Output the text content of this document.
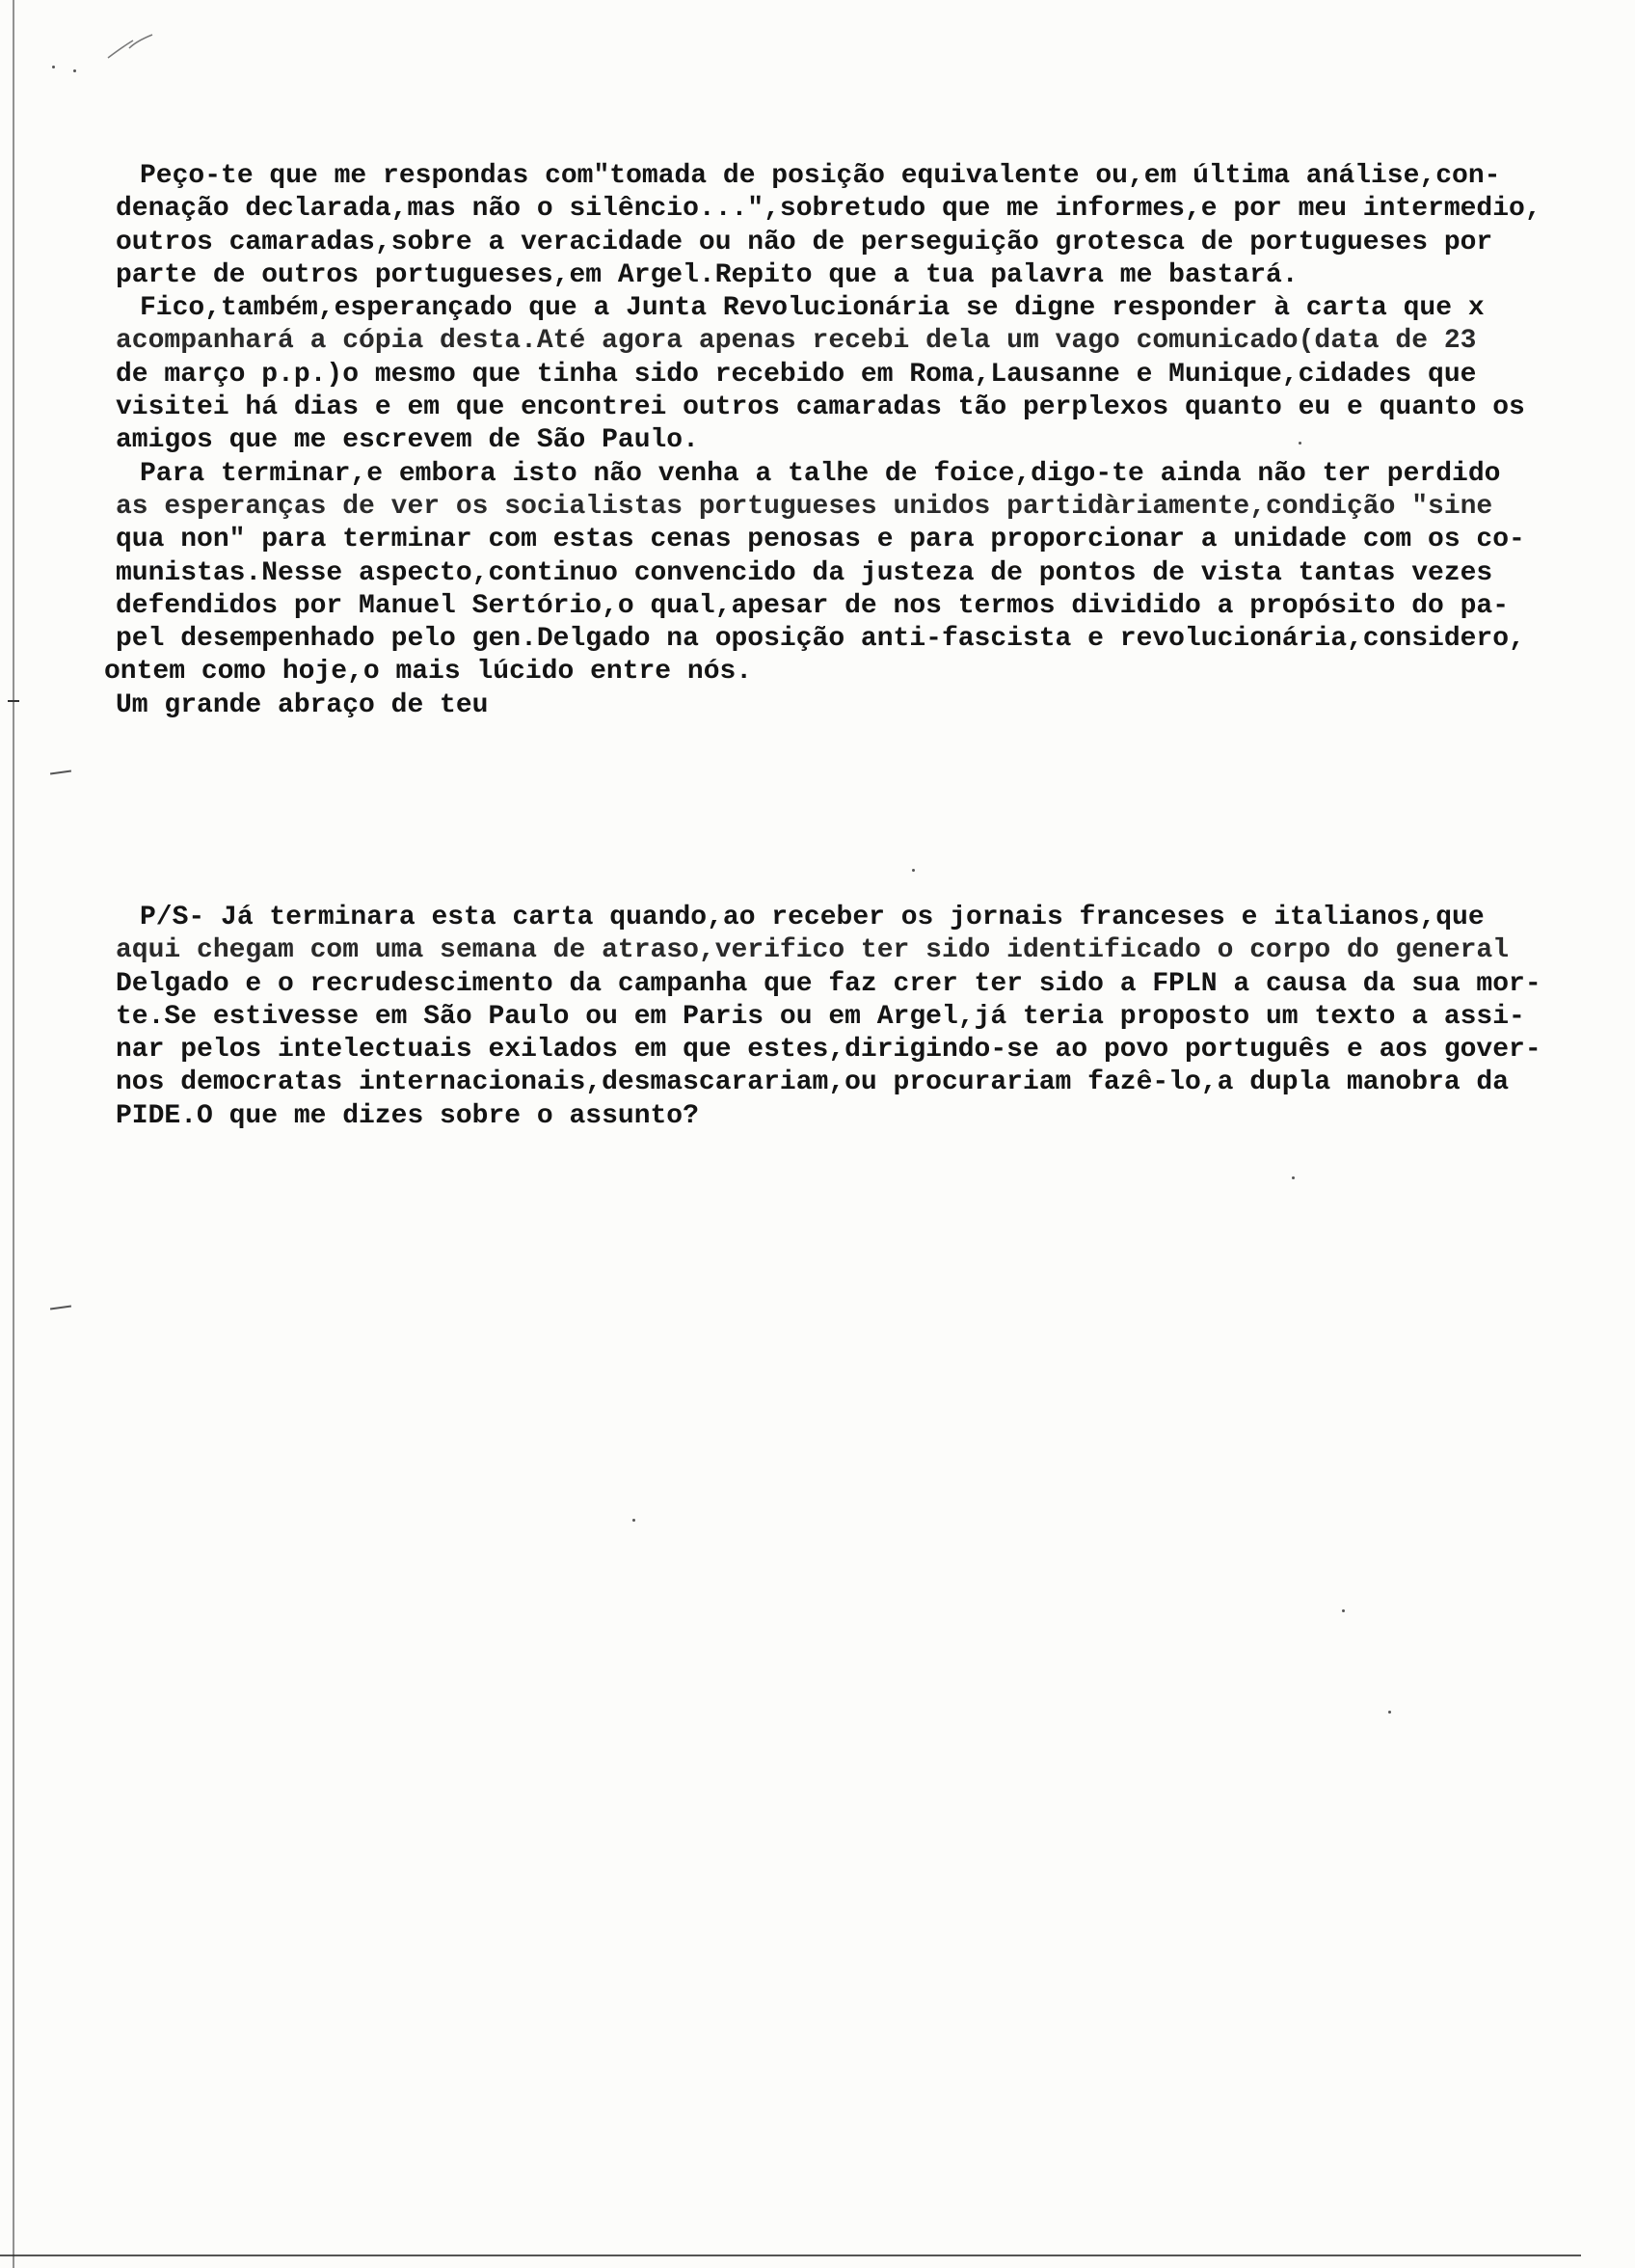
Peço-te que me respondas com"tomada de posição equivalente ou,em última análise,con-
denação declarada,mas não o silêncio...",sobretudo que me informes,e por meu intermedio,
outros camaradas,sobre a veracidade ou não de perseguição grotesca de portugueses por
parte de outros portugueses,em Argel.Repito que a tua palavra me bastará.
Fico,também,esperançado que a Junta Revolucionária se digne responder à carta que x
acompanhará a cópia desta.Até agora apenas recebi dela um vago comunicado(data de 23
de março p.p.)o mesmo que tinha sido recebido em Roma,Lausanne e Munique,cidades que
visitei há dias e em que encontrei outros camaradas tão perplexos quanto eu e quanto os
amigos que me escrevem de São Paulo.
Para terminar,e embora isto não venha a talhe de foice,digo-te ainda não ter perdido
as esperanças de ver os socialistas portugueses unidos partidàriamente,condição "sine
qua non" para terminar com estas cenas penosas e para proporcionar a unidade com os co-
munistas.Nesse aspecto,continuo convencido da justeza de pontos de vista tantas vezes
defendidos por Manuel Sertório,o qual,apesar de nos termos dividido a propósito do pa-
pel desempenhado pelo gen.Delgado na oposição anti-fascista e revolucionária,considero,
ontem como hoje,o mais lúcido entre nós.
Um grande abraço de teu
P/S- Já terminara esta carta quando,ao receber os jornais franceses e italianos,que
aqui chegam com uma semana de atraso,verifico ter sido identificado o corpo do general
Delgado e o recrudescimento da campanha que faz crer ter sido a FPLN a causa da sua mor-
te.Se estivesse em São Paulo ou em Paris ou em Argel,já teria proposto um texto a assi-
nar pelos intelectuais exilados em que estes,dirigindo-se ao povo português e aos gover-
nos democratas internacionais,desmascarariam,ou procurariam fazê-lo,a dupla manobra da
PIDE.O que me dizes sobre o assunto?
